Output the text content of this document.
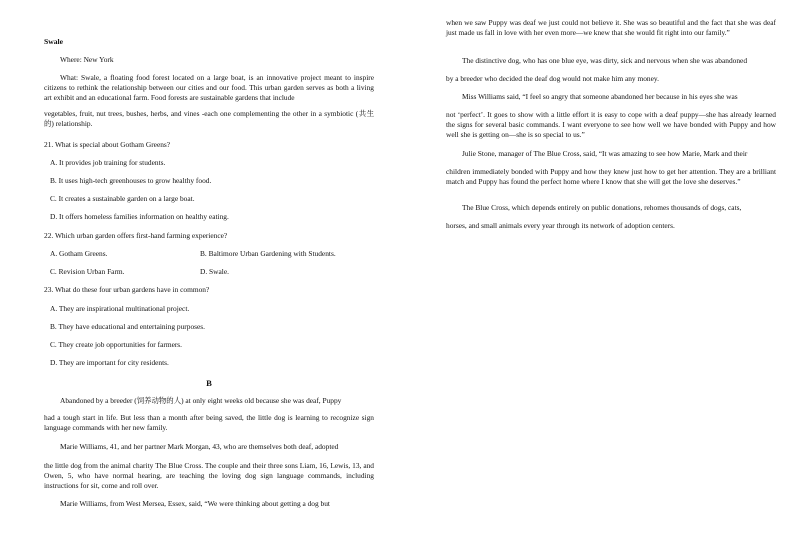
Swale

Where: New York

What: Swale, a floating food forest located on a large boat, is an innovative project meant to inspire citizens to rethink the relationship between our cities and our food. This urban garden serves as both a living art exhibit and an educational farm. Food forests are sustainable gardens that include

vegetables, fruit, nut trees, bushes, herbs, and vines -each one complementing the other in a symbiotic (共生的) relationship.

21. What is special about Gotham Greens?

A. It provides job training for students.

B. It uses high-tech greenhouses to grow healthy food.

C. It creates a sustainable garden on a large boat.

D. It offers homeless families information on healthy eating.

22. Which urban garden offers first-hand farming experience?

A. Gotham Greens.	B. Baltimore Urban Gardening with Students.
C. Revision Urban Farm.	D. Swale.

23. What do these four urban gardens have in common?

A. They are inspirational multinational project.

B. They have educational and entertaining purposes.

C. They create job opportunities for farmers.

D. They are important for city residents.

B

Abandoned by a breeder (饲养动物的人) at only eight weeks old because she was deaf, Puppy

had a tough start in life. But less than a month after being saved, the little dog is learning to recognize sign language commands with her new family.

Marie Williams, 41, and her partner Mark Morgan, 43, who are themselves both deaf, adopted

the little dog from the animal charity The Blue Cross. The couple and their three sons Liam, 16, Lewis, 13, and Owen, 5, who have normal hearing, are teaching the loving dog sign language commands, including instructions for sit, come and roll over.

Marie Williams, from West Mersea, Essex, said, “We were thinking about getting a dog but

when we saw Puppy was deaf we just could not believe it. She was so beautiful and the fact that she was deaf just made us fall in love with her even more—we knew that she would fit right into our family.”

The distinctive dog, who has one blue eye, was dirty, sick and nervous when she was abandoned

by a breeder who decided the deaf dog would not make him any money.

Miss Williams said, “I feel so angry that someone abandoned her because in his eyes she was

not ‘perfect’. It goes to show with a little effort it is easy to cope with a deaf puppy—she has already learned the signs for several basic commands. I want everyone to see how well we have bonded with Puppy and how well she is getting on—she is so special to us.”

Julie Stone, manager of The Blue Cross, said, “It was amazing to see how Marie, Mark and their

children immediately bonded with Puppy and how they knew just how to get her attention. They are a brilliant match and Puppy has found the perfect home where I know that she will get the love she deserves.”

The Blue Cross, which depends entirely on public donations, rehomes thousands of dogs, cats,

horses, and small animals every year through its network of adoption centers.
